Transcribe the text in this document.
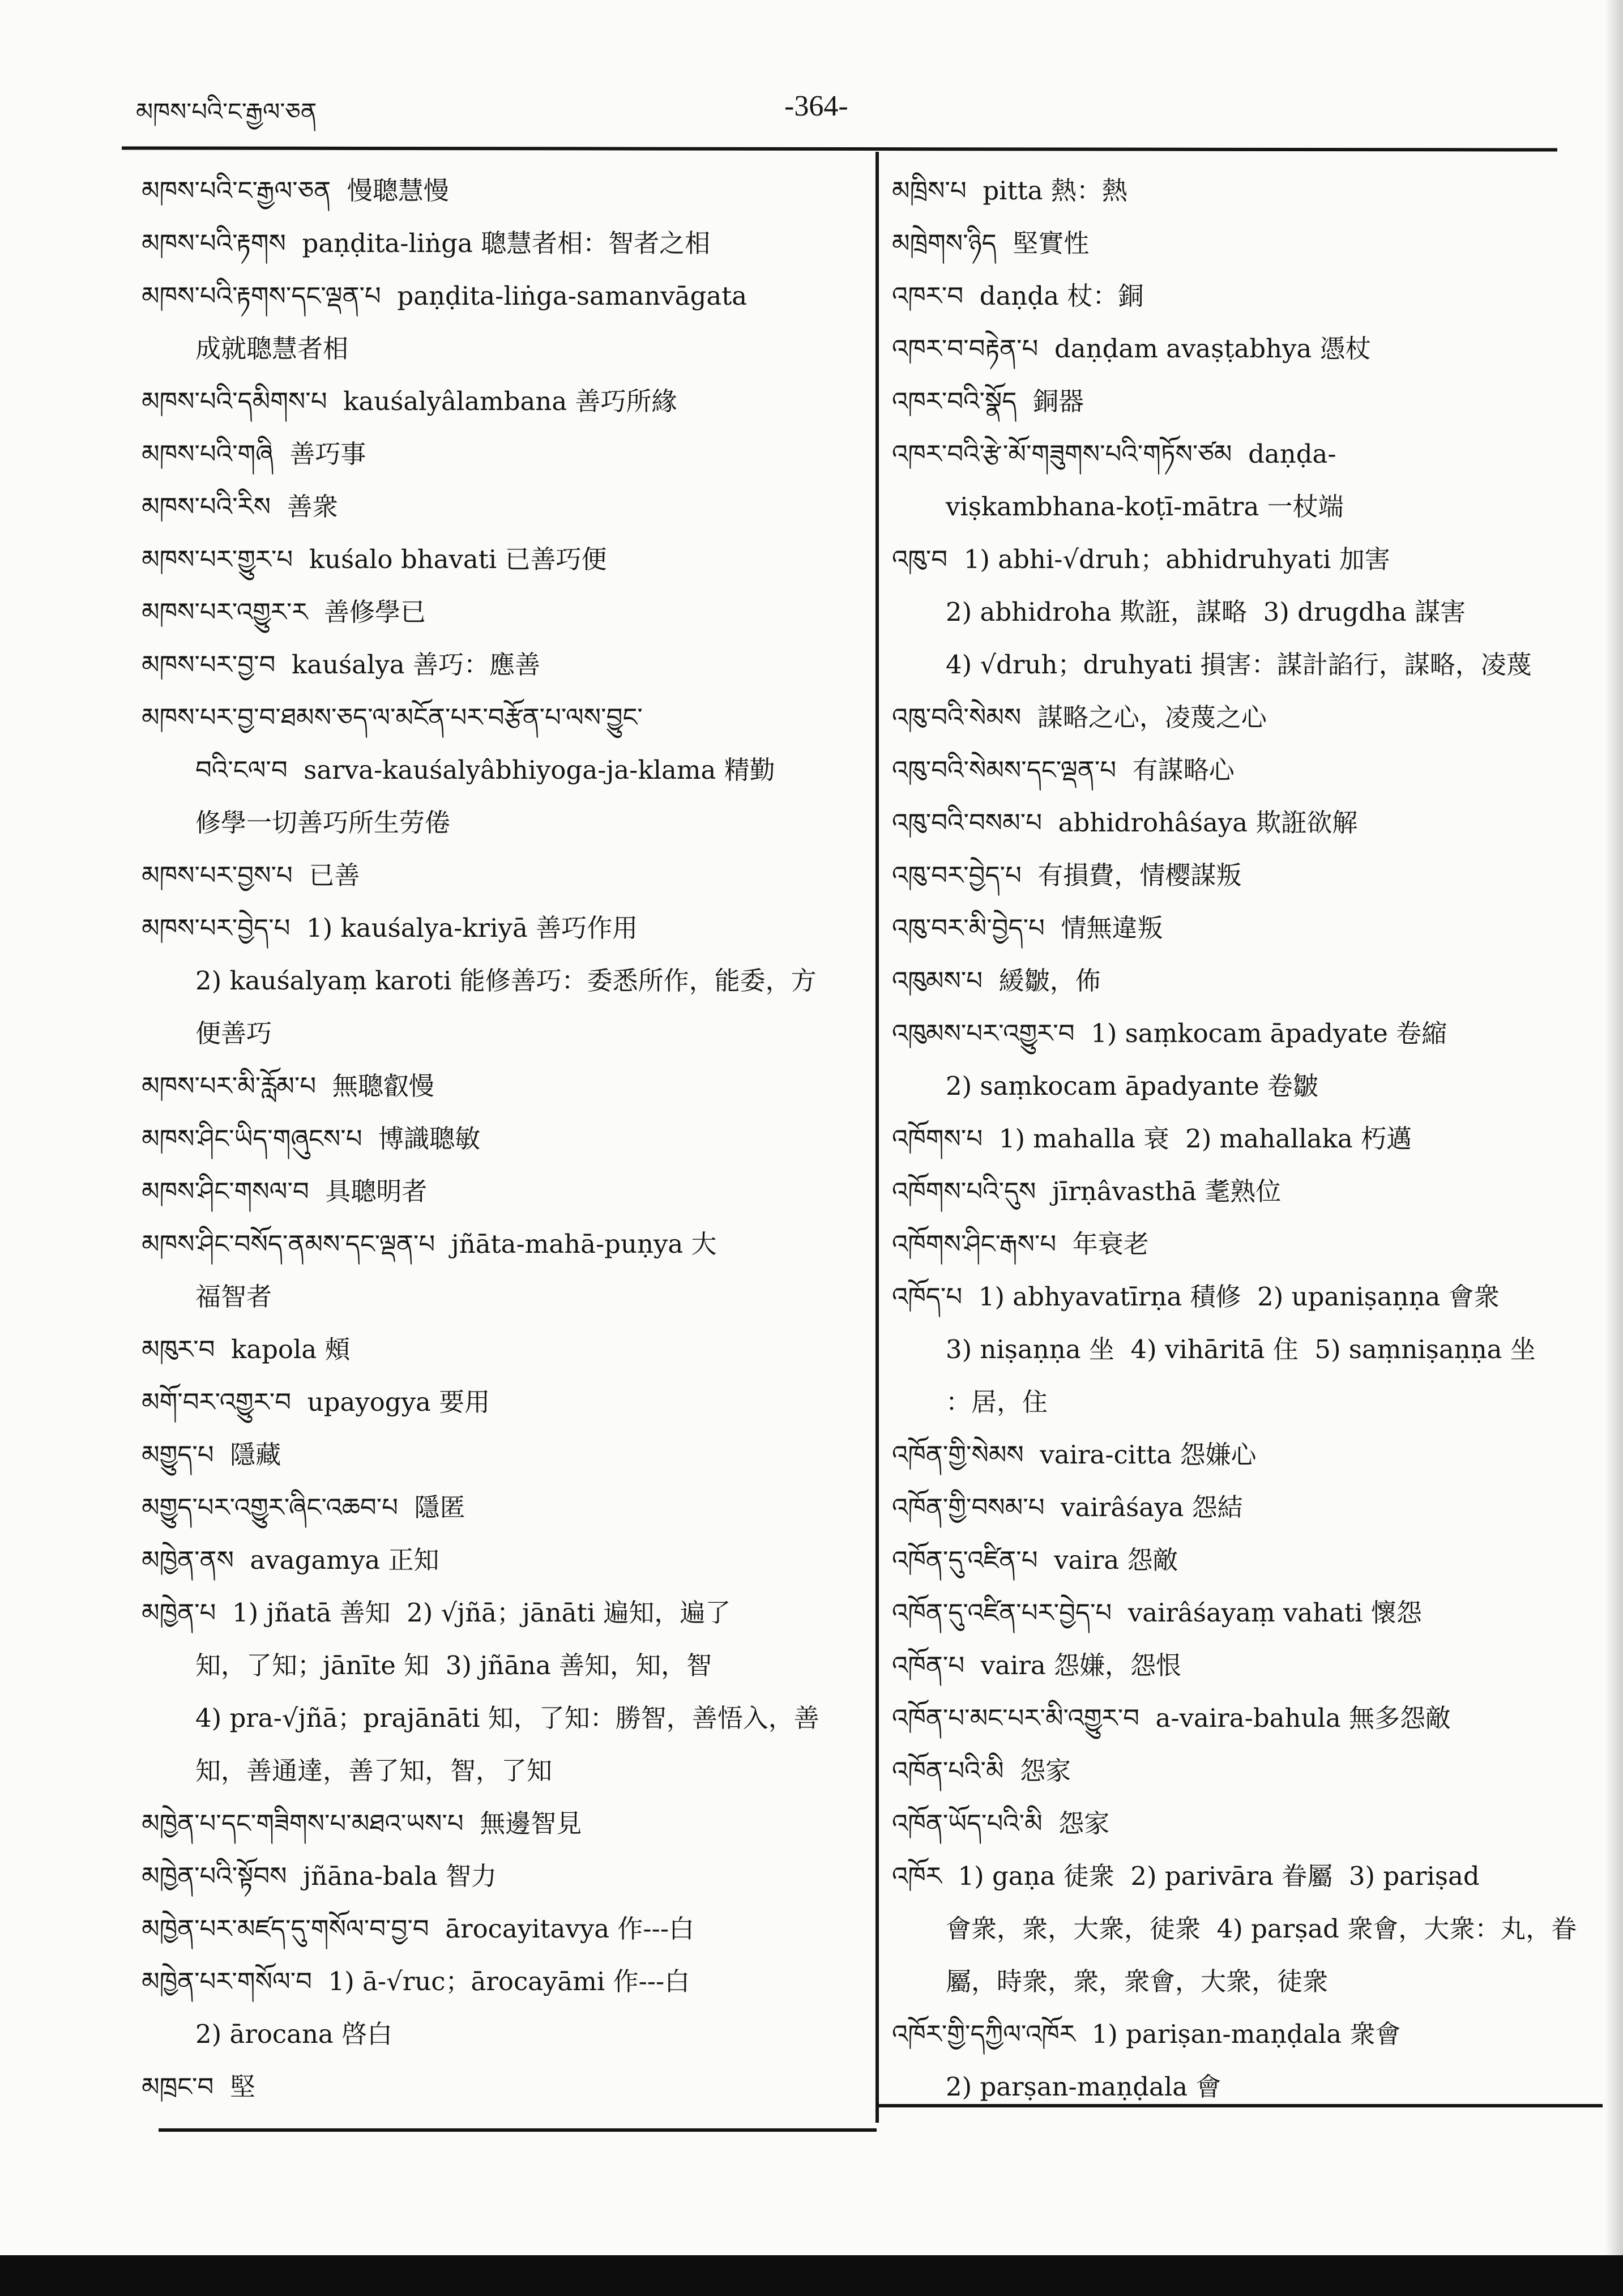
མཁས་པའི་ང་རྒྱལ་ཅན	-364-
མཁས་པའི་ང་རྒྱལ་ཅན  慢聰慧慢
མཁས་པའི་རྟགས  paṇḍita-liṅga 聰慧者相：智者之相
མཁས་པའི་རྟགས་དང་ལྡན་པ  paṇḍita-liṅga-samanvāgata
成就聰慧者相
མཁས་པའི་དམིགས་པ  kauśalyâlambana 善巧所緣
མཁས་པའི་གཞི  善巧事
མཁས་པའི་རིས  善衆
མཁས་པར་གྱུར་པ  kuśalo bhavati 已善巧便
མཁས་པར་འགྱུར་ར  善修學已
མཁས་པར་བྱ་བ  kauśalya 善巧：應善
མཁས་པར་བྱ་བ་ཐམས་ཅད་ལ་མངོན་པར་བརྩོན་པ་ལས་བྱུང་
བའི་ངལ་བ  sarva-kauśalyâbhiyoga-ja-klama 精勤
修學一切善巧所生劳倦
མཁས་པར་བྱས་པ  已善
མཁས་པར་བྱེད་པ  1) kauśalya-kriyā 善巧作用
2) kauśalyaṃ karoti 能修善巧：委悉所作，能委，方
便善巧
མཁས་པར་མི་རློམ་པ  無聰叡慢
མཁས་ཤིང་ཡིད་གཞུངས་པ  博識聰敏
མཁས་ཤིང་གསལ་བ  具聰明者
མཁས་ཤིང་བསོད་ནམས་དང་ལྡན་པ  jñāta-mahā-puṇya 大
福智者
མཁུར་བ  kapola 頰
མགོ་བར་འགྱུར་བ  upayogya 要用
མགྱུད་པ  隱藏
མགྱུད་པར་འགྱུར་ཞིང་འཆབ་པ  隱匿
མཁྱེན་ནས  avagamya 正知
མཁྱེན་པ  1) jñatā 善知  2) √jñā；jānāti 遍知，遍了
知，了知；jānīte 知  3) jñāna 善知，知，智
4) pra-√jñā；prajānāti 知，了知：勝智，善悟入，善
知，善通達，善了知，智，了知
མཁྱེན་པ་དང་གཟིགས་པ་མཐའ་ཡས་པ  無邊智見
མཁྱེན་པའི་སྟོབས  jñāna-bala 智力
མཁྱེན་པར་མཛད་དུ་གསོལ་བ་བྱ་བ  ārocayitavya 作---白
མཁྱེན་པར་གསོལ་བ  1) ā-√ruc；ārocayāmi 作---白
2) ārocana 啓白
མཁྲང་བ  堅
མཁྲིས་པ  pitta 熱：熱
མཁྲེགས་ཉིད  堅實性
འཁར་བ  daṇḍa 杖：銅
འཁར་བ་བརྟེན་པ  daṇḍam avaṣṭabhya 憑杖
འཁར་བའི་སྣོད  銅器
འཁར་བའི་རྩེ་མོ་གཟུགས་པའི་གཏོས་ཙམ  daṇḍa-
viṣkambhana-koṭī-mātra 一杖端
འཁུ་བ  1) abhi-√druh；abhidruhyati 加害
2) abhidroha 欺誑，謀略  3) drugdha 謀害
4) √druh；druhyati 損害：謀計諂行，謀略，凌蔑
འཁུ་བའི་སེམས  謀略之心，凌蔑之心
འཁུ་བའི་སེམས་དང་ལྡན་པ  有謀略心
འཁུ་བའི་བསམ་པ  abhidrohâśaya 欺誑欲解
འཁུ་བར་བྱེད་པ  有損費，情樱謀叛
འཁུ་བར་མི་བྱེད་པ  情無違叛
འཁུམས་པ  緩皺，佈
འཁུམས་པར་འགྱུར་བ  1) saṃkocam āpadyate 卷縮
2) saṃkocam āpadyante 卷皺
འཁོགས་པ  1) mahalla 衰  2) mahallaka 朽邁
འཁོགས་པའི་དུས  jīrṇâvasthā 耄熟位
འཁོགས་ཤིང་རྒས་པ  年衰老
འཁོད་པ  1) abhyavatīrṇa 積修  2) upaniṣaṇṇa 會衆
3) niṣaṇṇa 坐  4) vihāritā 住  5) saṃniṣaṇṇa 坐
：居，住
འཁོན་གྱི་སེམས  vaira-citta 怨嫌心
འཁོན་གྱི་བསམ་པ  vairâśaya 怨結
འཁོན་དུ་འཛིན་པ  vaira 怨敵
འཁོན་དུ་འཛིན་པར་བྱེད་པ  vairâśayaṃ vahati 懷怨
འཁོན་པ  vaira 怨嫌，怨恨
འཁོན་པ་མང་པར་མི་འགྱུར་བ  a-vaira-bahula 無多怨敵
འཁོན་པའི་མི  怨家
འཁོན་ཡོད་པའི་མི  怨家
འཁོར  1) gaṇa 徒衆  2) parivāra 眷屬  3) pariṣad
會衆，衆，大衆，徒衆  4) parṣad 衆會，大衆：丸，眷
屬，時衆，衆，衆會，大衆，徒衆
འཁོར་གྱི་དཀྱིལ་འཁོར  1) pariṣan-maṇḍala 衆會
2) parṣan-maṇḍala 會
